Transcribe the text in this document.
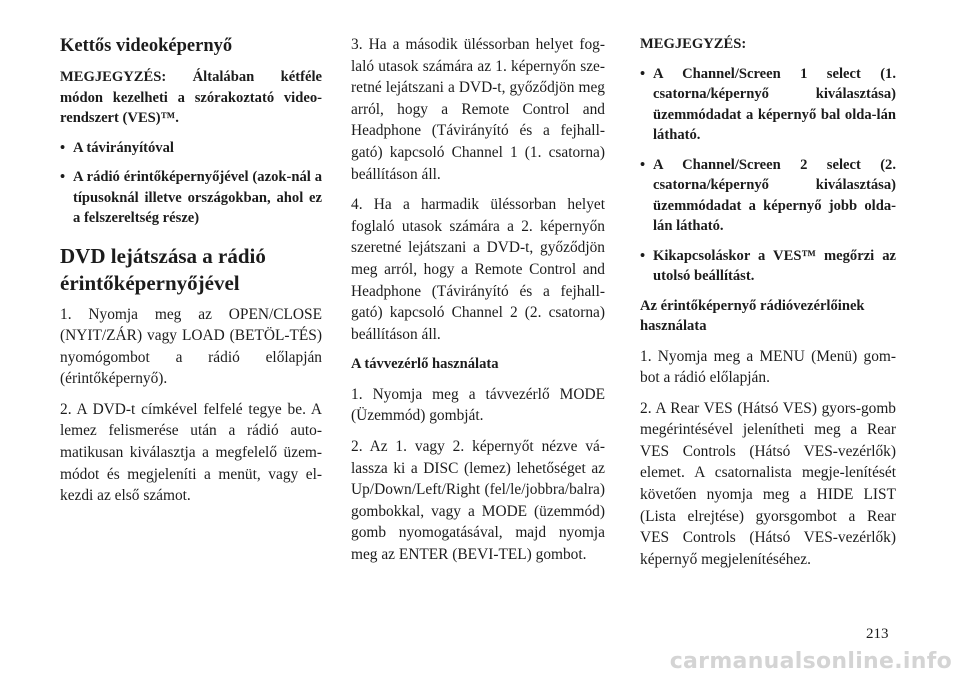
Kettős videoképernyő

MEGJEGYZÉS: Általában kétféle módon kezelheti a szórakoztató video-rendszert (VES)™.

• A távirányítóval
• A rádió érintőképernyőjével (azok-nál a típusoknál illetve országokban, ahol ez a felszereltség része)
DVD lejátszása a rádió érintőképernyőjével

1. Nyomja meg az OPEN/CLOSE (NYIT/ZÁR) vagy LOAD (BETÖL-TÉS) nyomógombot a rádió előlapján (érintőképernyő).

2. A DVD-t címkével felfelé tegye be. A lemez felismerése után a rádió auto-matikusan kiválasztja a megfelelő üzem-módot és megjeleníti a menüt, vagy el-kezdi az első számot.

3. Ha a második üléssorban helyet fog-laló utasok számára az 1. képernyőn sze-retné lejátszani a DVD-t, győződjön meg arról, hogy a Remote Control and Headphone (Távirányító és a fejhall-gató) kapcsoló Channel 1 (1. csatorna) beállításon áll.

4. Ha a harmadik üléssorban helyet foglaló utasok számára a 2. képernyőn szeretné lejátszani a DVD-t, győződjön meg arról, hogy a Remote Control and Headphone (Távirányító és a fejhall-gató) kapcsoló Channel 2 (2. csatorna) beállításon áll.

A távvezérlő használata

1. Nyomja meg a távvezérlő MODE (Üzemmód) gombját.

2. Az 1. vagy 2. képernyőt nézve vá-lassza ki a DISC (lemez) lehetőséget az Up/Down/Left/Right (fel/le/jobbra/balra) gombokkal, vagy a MODE (üzemmód) gomb nyomogatásával, majd nyomja meg az ENTER (BEVI-TEL) gombot.

MEGJEGYZÉS:

• A Channel/Screen 1 select (1. csatorna/képernyő kiválasztása) üzemmódadat a képernyő bal olda-lán látható.
• A Channel/Screen 2 select (2. csatorna/képernyő kiválasztása) üzemmódadat a képernyő jobb olda-lán látható.
• Kikapcsoláskor a VES™ megőrzi az utolsó beállítást.

Az érintőképernyő rádióvezérlőinek használata

1. Nyomja meg a MENU (Menü) gom-bot a rádió előlapján.

2. A Rear VES (Hátsó VES) gyors-gomb megérintésével jelenítheti meg a Rear VES Controls (Hátsó VES-vezérlők) elemet. A csatornalista megje-lenítését követően nyomja meg a HIDE LIST (Lista elrejtése) gyorsgombot a Rear VES Controls (Hátsó VES-vezérlők) képernyő megjelenítéséhez.

213
carmanualsonline.info
